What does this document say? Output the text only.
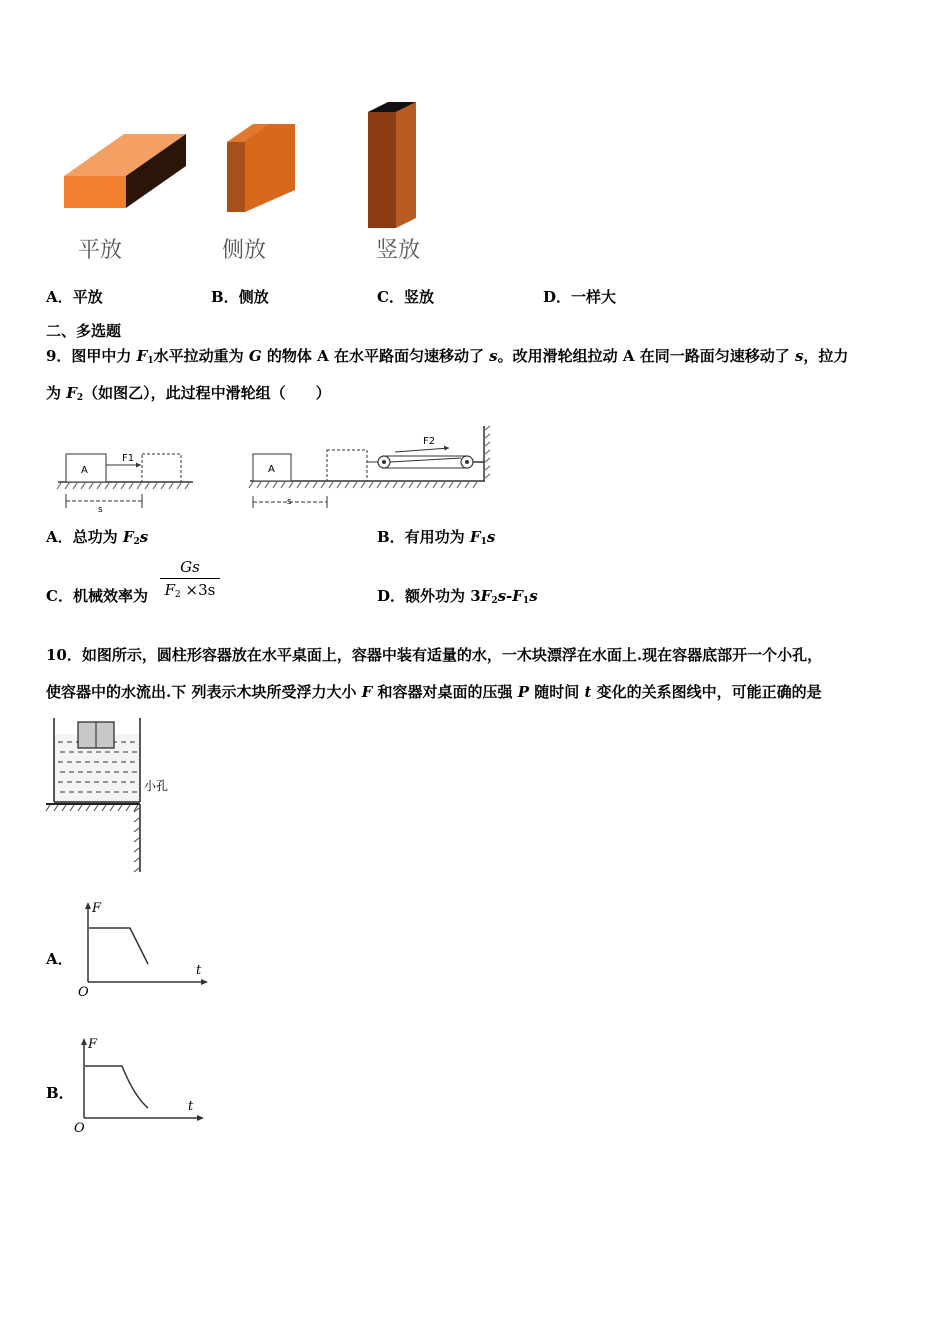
平放	侧放	竖放
A．平放	B．侧放	C．竖放	D．一样大
二、多选题
9．图甲中力 $F_1$水平拉动重为 G 的物体 A 在水平路面匀速移动了 s。改用滑轮组拉动 A 在同一路面匀速移动了 s，拉力
为 $F_2$（如图乙），此过程中滑轮组（　　）
A
F1
s
A
F2
s
A．总功为 $F_2s$	B．有用功为 $F_1s$
C．机械效率为 $\frac{Gs}{F_2 \times 3s}$	D．额外功为 $3F_2s-F_1s$
10．如图所示，圆柱形容器放在水平桌面上，容器中装有适量的水，一木块漂浮在水面上.现在容器底部开一个小孔，
使容器中的水流出.下 列表示木块所受浮力大小 F 和容器对桌面的压强 P 随时间 t 变化的关系图线中，可能正确的是
小孔
A．
F
t
O
B．
F
t
O
